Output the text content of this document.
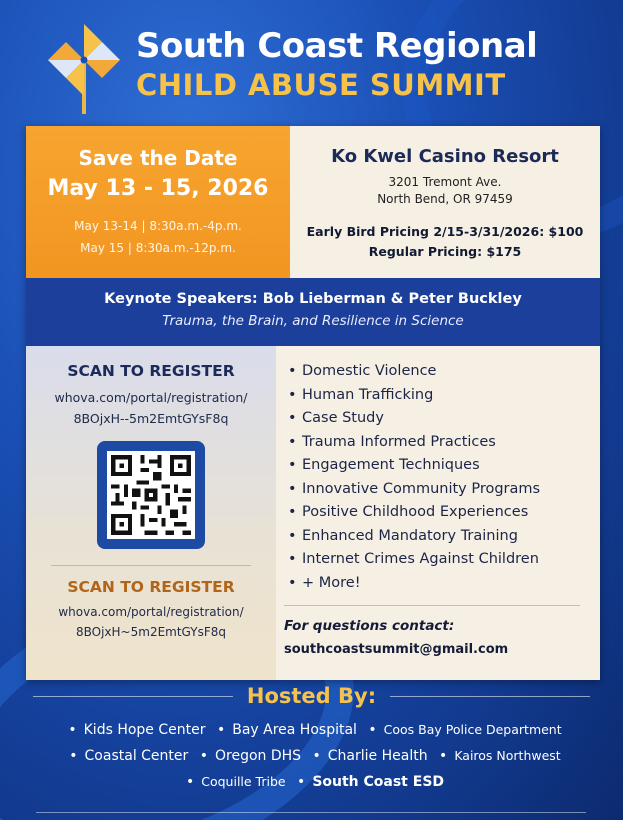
South Coast Regional
CHILD ABUSE SUMMIT
Save the Date
May 13 - 15, 2026
May 13-14 | 8:30a.m.-4p.m.
May 15 | 8:30a.m.-12p.m.
Ko Kwel Casino Resort
3201 Tremont Ave.
North Bend, OR 97459
Early Bird Pricing 2/15-3/31/2026: $100
Regular Pricing: $175
Keynote Speakers: Bob Lieberman & Peter Buckley
Trauma, the Brain, and Resilience in Science
SCAN TO REGISTER
whova.com/portal/registration/
8BOjxH--5m2EmtGYsF8q
SCAN TO REGISTER
whova.com/portal/registration/
8BOjxH~5m2EmtGYsF8q
• Domestic Violence
• Human Trafficking
• Case Study
• Trauma Informed Practices
• Engagement Techniques
• Innovative Community Programs
• Positive Childhood Experiences
• Enhanced Mandatory Training
• Internet Crimes Against Children
• + More!
For questions contact:
southcoastsummit@gmail.com
Hosted By:
• Kids Hope Center • Bay Area Hospital • Coos Bay Police Department
• Coastal Center • Oregon DHS • Charlie Health • Kairos Northwest
• Coquille Tribe • South Coast ESD
